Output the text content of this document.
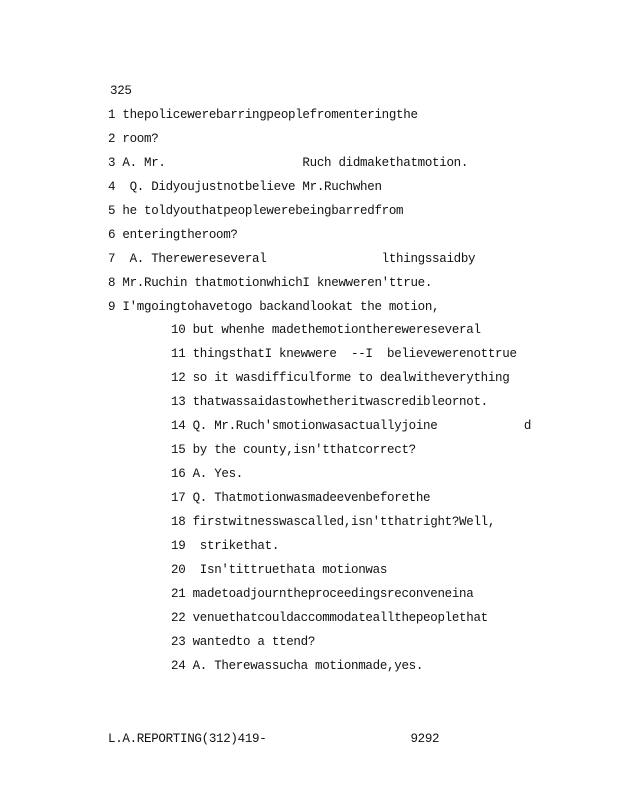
325
1 thepolicewerebarringpeoplefromenteringthe
2 room?
3 A. Mr.                   Ruch didmakethatmotion.
4  Q. Didyoujustnotbelieve Mr.Ruchwhen
5 he toldyouthatpeoplewerebeingbarredfrom
6 enteringtheroom?
7  A. Therewereseveral                lthingssaidby
8 Mr.Ruchin thatmotionwhichI knewweren'ttrue.
9 I'mgoingtohavetogo backandlookat the motion,
10 but whenhe madethemotiontherewereseveral
11 thingsthatI knewwere  --I  believewerenottrue
12 so it wasdifficulforme to dealwitheverything
13 thatwassaidastowhetheritwascredibleornot.
14 Q. Mr.Ruch'smotionwasactuallyjoine            d
15 by the county,isn'tthatcorrect?
16 A. Yes.
17 Q. Thatmotionwasmadeevenbeforethe
18 firstwitnesswascalled,isn'tthatright?Well,
19  strikethat.
20  Isn'tittruethata motionwas
21 madetoadjourntheproceedingsreconveneina
22 venuethatcouldaccommodateallthepeoplethat
23 wantedto a ttend?
24 A. Therewassucha motionmade,yes.
L.A.REPORTING(312)419-                    9292
